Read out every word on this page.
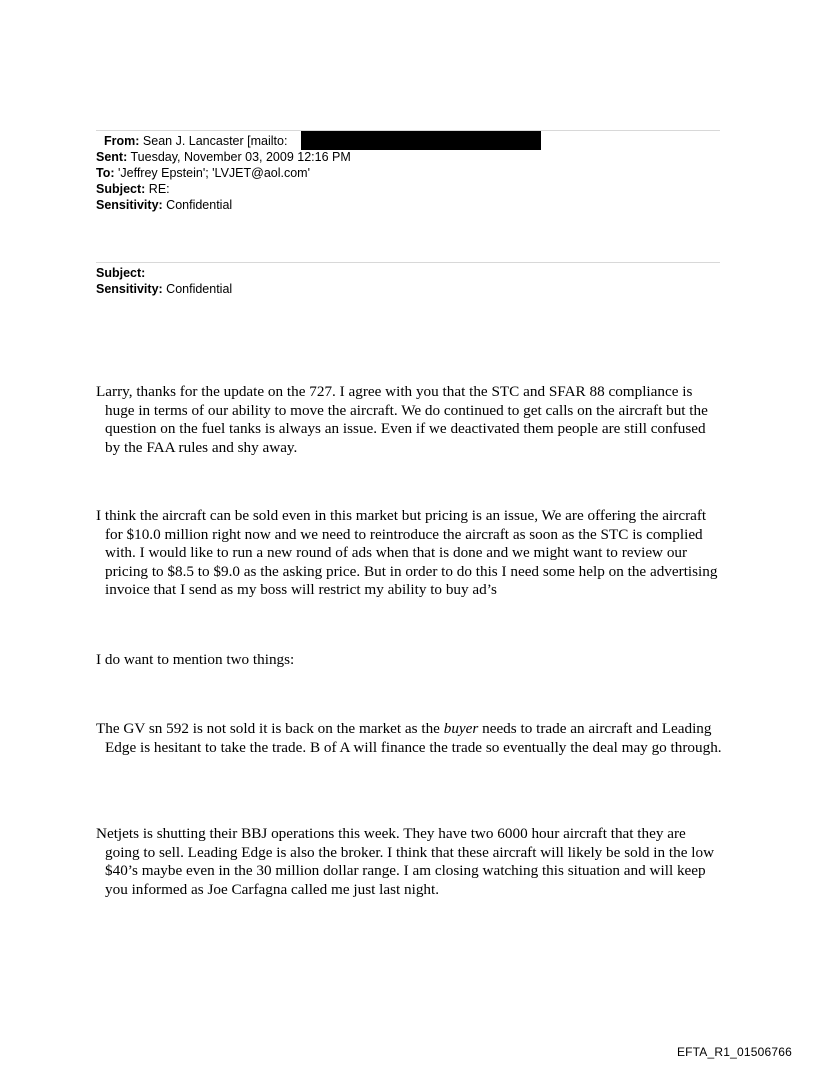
From: Sean J. Lancaster [mailto:
Sent: Tuesday, November 03, 2009 12:16 PM
To: 'Jeffrey Epstein'; 'LVJET@aol.com'
Subject: RE:
Sensitivity: Confidential
Subject:
Sensitivity: Confidential
Larry, thanks for the update on the 727. I agree with you that the STC and SFAR 88 compliance is huge in terms of our ability to move the aircraft. We do continued to get calls on the aircraft but the question on the fuel tanks is always an issue. Even if we deactivated them people are still confused by the FAA rules and shy away.
I think the aircraft can be sold even in this market but pricing is an issue, We are offering the aircraft for $10.0 million right now and we need to reintroduce the aircraft as soon as the STC is complied with. I would like to run a new round of ads when that is done and we might want to review our pricing to $8.5 to $9.0 as the asking price. But in order to do this I need some help on the advertising invoice that I send as my boss will restrict my ability to buy ad’s
I do want to mention two things:
The GV sn 592 is not sold it is back on the market as the buyer needs to trade an aircraft and Leading Edge is hesitant to take the trade. B of A will finance the trade so eventually the deal may go through.
Netjets is shutting their BBJ operations this week. They have two 6000 hour aircraft that they are going to sell. Leading Edge is also the broker. I think that these aircraft will likely be sold in the low $40’s maybe even in the 30 million dollar range. I am closing watching this situation and will keep you informed as Joe Carfagna called me just last night.
EFTA_R1_01506766
